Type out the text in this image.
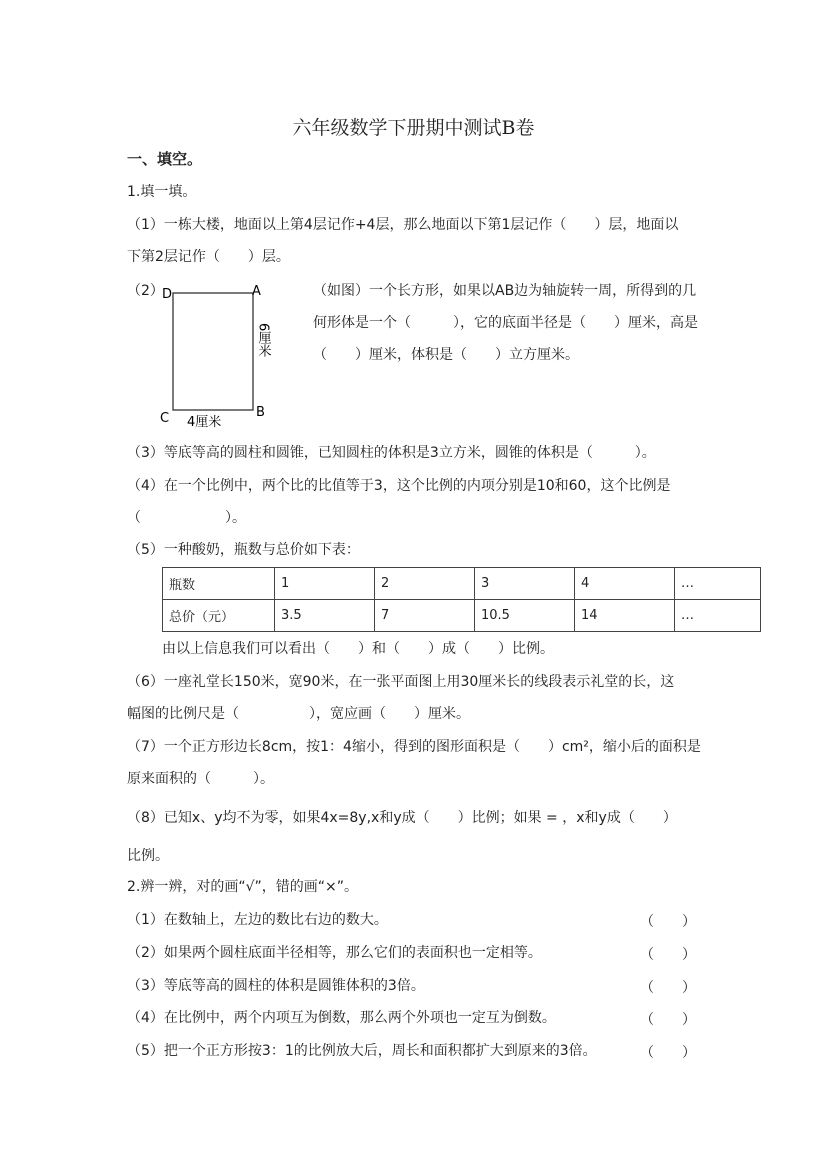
六年级数学下册期中测试B卷
一、填空。
1.填一填。
（1）一栋大楼，地面以上第4层记作+4层，那么地面以下第1层记作（　　）层，地面以
下第2层记作（　　）层。
（2）
D	A
C	B
4厘米
6厘米
（如图）一个长方形，如果以AB边为轴旋转一周，所得到的几
何形体是一个（　　　），它的底面半径是（　　）厘米，高是
（　　）厘米，体积是（　　）立方厘米。
（3）等底等高的圆柱和圆锥，已知圆柱的体积是3立方米，圆锥的体积是（　　　）。
（4）在一个比例中，两个比的比值等于3，这个比例的内项分别是10和60，这个比例是
（　　　　　　）。
（5）一种酸奶，瓶数与总价如下表：
瓶数	1	2	3	4	…
总价（元）	3.5	7	10.5	14	…
由以上信息我们可以看出（　　）和（　　）成（　　）比例。
（6）一座礼堂长150米，宽90米，在一张平面图上用30厘米长的线段表示礼堂的长，这
幅图的比例尺是（　　　　　），宽应画（　　）厘米。
（7）一个正方形边长8cm，按1：4缩小，得到的图形面积是（　　）cm²，缩小后的面积是
原来面积的（　　　）。
（8）已知x、y均不为零，如果4x=8y,x和y成（　　）比例；如果 = ，x和y成（　　）
比例。
2.辨一辨，对的画“√”，错的画“×”。
（1）在数轴上，左边的数比右边的数大。
（2）如果两个圆柱底面半径相等，那么它们的表面积也一定相等。
（3）等底等高的圆柱的体积是圆锥体积的3倍。
（4）在比例中，两个内项互为倒数，那么两个外项也一定互为倒数。
（5）把一个正方形按3：1的比例放大后，周长和面积都扩大到原来的3倍。
（　　）
（　　）
（　　）
（　　）
（　　）
